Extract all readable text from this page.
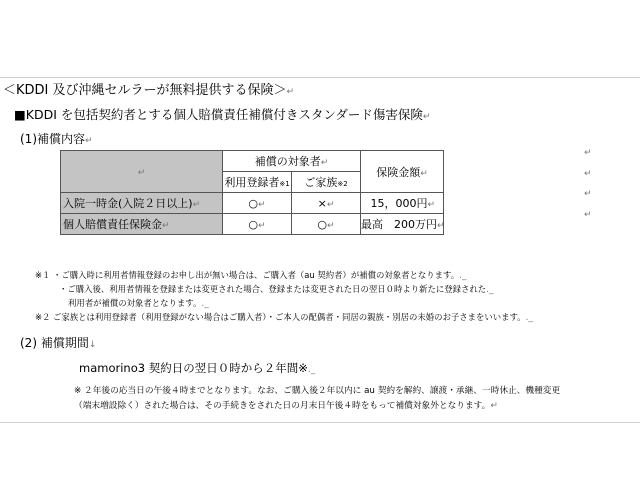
＜KDDI 及び沖縄セルラーが無料提供する保険＞↵
■KDDI を包括契約者とする個人賠償責任補償付きスタンダード傷害保険↵
(1)補償内容↵
↵	補償の対象者↵		保険金額↵
	利用登録者※1	ご家族※2	
入院一時金(入院２日以上)↵	○↵	×↵	15，000円↵
個人賠償責任保険金↵	○↵	○↵	最高　200万円↵
↵
↵
↵
↵
※１ ・ご購入時に利用者情報登録のお申し出が無い場合は、ご購入者（au 契約者）が補償の対象者となります。._
・ご購入後、利用者情報を登録または変更された場合、登録または変更された日の翌日０時より新たに登録された._
利用者が補償の対象者となります。._
※２ ご家族とは利用登録者（利用登録がない場合はご購入者）・ご本人の配偶者・同居の親族・別居の未婚のお子さまをいいます。._
(2) 補償期間↓
mamorino3 契約日の翌日０時から２年間※._
※ ２年後の応当日の午後４時までとなります。なお、ご購入後２年以内に au 契約を解約、譲渡・承継、一時休止、機種変更
（端末増設除く）された場合は、その手続きをされた日の月末日午後４時をもって補償対象外となります。↵
